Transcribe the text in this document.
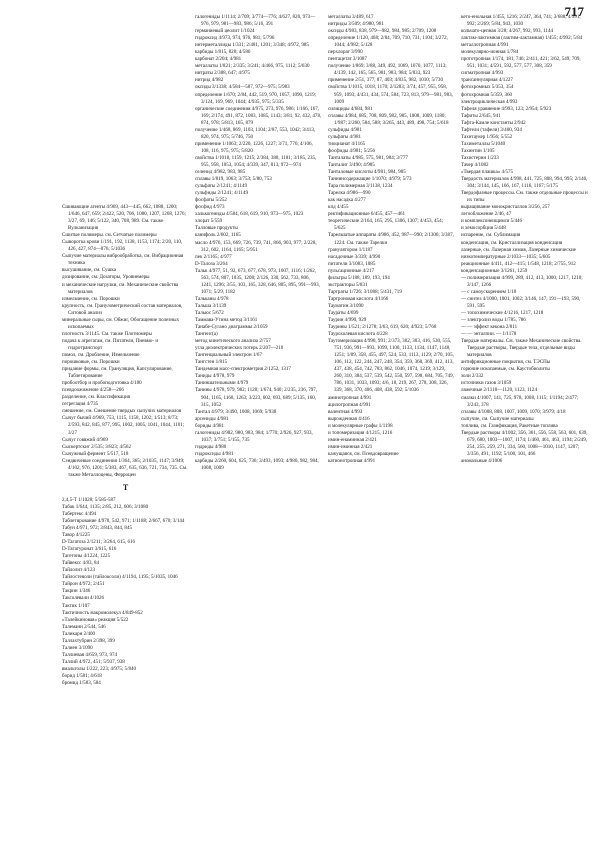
717

Сшивающие агенты 4/969, 443—445, 662, 1088, 1200; 1/646, 647, 659; 2/422, 520, 706, 1080, 1207, 1268, 1276; 3/27, 69, 146; 5/122, 340, 708, 989. См. также Вулканизация

Сшитые полимеры. см. Сетчатые полимеры

Сыворотка крови 1/191, 192, 1138, 1153, 1174; 2/20, 110, 426, 427, 874—876; 5/1036

Сыпучие материалы виброобработка, см. Вибрационная техника

высушивание, см. Сушка

дозирование, см. Дозаторы, Уровнемеры

и механические нагрузки, см. Механические свойства материалов

измельчение, см. Порошки

крупность, см. Гранулометрический состав материалов, Ситовой анализ

минеральные сыры, см. Обжиг, Обогащение полезных ископаемых

плотность 3/1145. См. также Плотномеры

подача к агрегатам, см. Питатели, Пневмо- и гидротранспорт

помол, см. Дробление, Измельчение

порошковые, см. Порошки

придание формы, см. Грануляция, Капсулирование, Таблетирование

пробоотбор и пробоподготовка 4/180

псевдоожижение 4/258—266

разделение, см. Классификация

сегрегация 4/735

смешение, см. Смешение твердых сыпучих материалов

Сычуг бычий 4/969, 753, 1115, 1158, 1202; 1/513; 8/73; 2/593, 842, 845, 877, 995, 1002, 1005, 1041, 1044, 1101; 3/27

Сычуг говяжий 4/969

Сыскертскит 2/535; 3/823; 4/562

Сычужный фермент 5/517, 518

Сэндвичевые соединения 1/364, 365; 2/1035, 1147; 3/949; 4/102, 976, 1201; 5/383, 467, 635, 636, 721, 734, 735. См. также Металлоцены, Ферроцен

Т

2,4,5-Т 1/1028; 5/585-587

Табак 1/644, 1135; 2/85, 212, 606; 3/1080

Табертекс 4/494

Таблетирование 4/970, 542, 971; 1/1188; 2/667, 670; 3/144

Табун 4/971, 972; 3/843, 844, 845

Тавор 4/1225

D-Тагатоза 2/1211; 3/264, 615, 616

D-Тагатуронат 3/615, 616

Тагетоны 4/1224, 1225

Тайвексс 4/83, 84

Тайлолит 4/123

Тайлостеяоли (тайлоксоли) 4/1194, 1195; 5/1035, 1046

Тайрон 4/972; 2/451

Такрин 1/346

Таксолевали 4/1026

Тактик 1/107

Тактичность макромолекул 4/849-852

«Талейкиновая» реакция 5/522

Талеманн 2/544, 546

Таликарн 2/400

Таллахтубрин 2/398, 399

Талиен 3/1090

Таллиевая 4/659, 973, 974

Таллий 4/972, 451; 5/937, 938

вмальтолы 1/222, 223; 4/975; 5/840

борид 1/581; 4/618

бромид 1/583, 584

галогениды 1/1114; 2/709; 3/774—776; 4/627, 820, 973—976, 979, 981—983, 986; 5/16, 391

германиевый цеолит 1/1024

гидроксид 4/973, 974, 976, 981; 5/796

интерметаллиды 1/331; 2/481, 1201; 3/348; 4/972, 985

карбиды 1/815, 820; 4/586

карбонат 2/204; 4/981

металлаты 1/821; 2/335; 3/241; 4/466, 975, 1112; 5/630

нитраты 2/388, 647; 4/975

нитрид 4/982

оксиды 3/1338; 4/584—587, 972—975; 5/983

определение 1/670; 2/84, 442, 519, 970, 1057, 1090, 1219; 3/124, 169, 969, 1044; 4/935, 975; 5/335

органические соединения 4/975, 273, 976, 986; 1/166, 167, 169; 2/174, 491, 872, 1083, 1085, 1143; 3/81, 92, 432, 478, 874, 978; 5/813, 165, 879

получение 1/468, 869, 1103, 1104; 2/87, 553, 1042; 3/413, 820, 974, 975; 5/746, 750

применение 1/1063; 2/220, 1226, 1227; 3/71, 776; 4/106, 108, 116, 975, 975; 5/820

свойства 1/1018, 1159, 1215; 2/384, 388, 1181; 3/185, 235, 955, 958, 1053, 1054; 4/339, 347, 813, 972—974

селенид 4/982, 983, 985

сплавы 1/819, 1063; 3/753; 5/80, 753

сульфаты 2/1241; 4/1149

сульфиды 2/1241; 4/1149

фосфаты 5/252

фосфид 4/973

халькогениды 4/584, 618, 619, 910, 973—975, 1023

хлорат 5/559

Талловые продукты

канифоль 2/602, 1165

масло 4/976, 153, 669, 726, 739, 741, 866, 903, 977; 2/228, 312, 602, 1164, 1165; 5/951

пек 2/1165; 4/977

D-Талоза 3/264

Тальк 4/977, 51, 92, 673, 677, 678, 973, 1007, 1116; 1/262, 563, 574, 807, 1035, 1208; 2/126, 330, 562, 733, 806, 1241, 1296; 3/55, 103, 165, 328, 646, 805, 895, 991—993, 1071; 5/29, 1182

Тальканы 4/978

Тальша 3/1139

Тальюс 5/672

Таммава-Утина метод 3/1161

Танабе-Сугано диаграммы 2/1059

Тангенс(а)

метод кинетического анализа 2/757

угла диэлектрических потерь 2/207—210

Тангенциальный электрон 1/67

Тангстен 1/815

Тандемная масс-спектрометрия 2/1252, 1317

Таниды 4/978, 979

Таниншательными 4/979

Танины 4/978, 979, 982; 1128; 1/674, 940; 2/235, 236, 797, 904, 1165, 1168, 1263; 3/223, 602, 693, 689; 5/135, 160, 315, 1052

Тантал 4/979; 3/490, 1008, 1069; 5/938

арсениды 4/981

бориды 4/981

галогениды 4/982, 980, 983, 984; 1/770; 2/926, 927, 933, 1037; 3/751; 5/155, 735

гидриды 4/980

гидроксиды 4/981

карбиды 2/260, 604, 625, 736; 3/493, 1093; 4/980, 982, 984, 1008, 1009

металлаты 3/489, 617

нитриды 3/509; 4/980, 981

оксиды 4/983, 838, 979—982, 984, 985; 2/709, 1208

определение 1/120, 468; 2/84, 709, 710, 731, 1104; 3/272, 1044; 4/982; 5/128

перхлорат 3/990

пентацетат 3/1087

получение 1/869; 3/88, 349, 492, 1069, 1070, 1077, 1113; 4/139, 142, 165, 565, 981, 983, 984; 5/833, 923

применение 2/51, 377, 87, 403; 4/835, 982, 1010; 5/730

свойства 1/1015, 1018, 1170; 2/1283; 3/74, 457, 955, 958, 959, 1093; 4/431, 434, 574, 584, 723, 813, 979—981, 983, 1009

силициды 4/684, 981

сплавы 4/984, 685, 708, 809, 982, 985, 1008, 1009, 1180; 1/987; 2/260, 584, 588; 3/265, 443, 489, 498, 754; 5/618

сульфиды 4/981

сульфаты 4/981

тиоцианат 4/1165

фосфиды 4/981; 5/256

Танталаты 4/985, 575, 981, 984; 3/777

Танталит 3/490; 4/985

Танталовые кислоты 4/981, 984, 985

Таннинсодержащие 1/1070; 4/979; 5/73

Тара полимерная 3/1138, 1234

Тарелка 4/986—990

как насадка 4/277

кпд 4/455

ректификационные 6/455, 457—461

теоретические 2/164, 165, 295, 1306, 1307; 4/453, 454; 5/625

Тарельчатые аппараты 4/986, 452, 987—990; 2/1306; 3/387, 1224. См. также Тарелки

гранулятором 1/1187

насадочные 3/339; 4/990

питатели 3/1083, 1085

пульсационные 4/217

фильтры 5/188, 189, 193, 194

экстракторы 5/831

Тартраты 1/726; 3/1088; 5/431, 719

Тартроновая кислота 4/1166

Тауматин 3/1090

Таураты 4/699

Таурин 4/990, 929

Таурины 1/521; 2/1278; 3/63, 619, 620; 4/923; 5/768

Таурохолевая кислота 4/228

Таутомеризация 4/990, 991; 2/373, 302, 303, 416, 530, 555, 751, 936, 991—993, 1099, 1100, 1133, 1134, 1147, 1148, 1251; 1/89, 358, 455, 497, 524, 533, 1113, 1129; 2/70, 105, 106, 112, 122, 244, 247, 248, 354, 359, 368, 369, 412, 413, 437, 438, 454, 742, 783, 862, 1046, 1074, 1219; 3/129, 260, 310, 384, 537, 539, 542, 550, 597, 598, 684, 705, 749, 786, 1031, 1033, 1093; 4/6, 18, 219, 267, 278, 308, 326, 339, 368, 370, 406, 408, 438, 592; 5/1036

аминотропная 4/991

ацилотропная 4/991

валентная 4/993

вырожденная 4/416

и молекулярные графы 1/1198

и топомеризация 4/1215, 1216

имин-енаминная 2/421

имин-иминная 2/421

кажущаяся, см. Псевдовращение

катионотропная 4/991

кето-енольная 1/455, 1216; 2/247, 364, 741; 3/688; 4/991, 992; 2/269; 5/84, 943, 1030

кольчато-цепная 3/28; 4/267, 992, 993, 1144

лактам-лактимная (лактим-лактамная) 1/455; 4/992; 5/84

металлотропная 4/991

молекулярно-ионная 1/784

прототропная 1/174, 181, 746; 2/411, 421; 3/62, 549, 709, 951, 1031; 4/591, 592, 577, 577, 308, 359

сигматропная 4/993

трансаннулярная 4/1227

фотохромных 5/353, 354

фотохромная 5/359, 360

электроциклическая 4/993

Тафеля уравнение 4/993, 123; 2/954; 5/923

Тафиты 2/645, 941

Тафта-Камле константы 2/942

Тафтели (тафели) 3/400, 934

Тахитаукер 1/956; 5/552

Тахиметаллы 5/1040

Тахинтин 1/105

Тахистерин 1/233

Тачер 4/1082

«Твердая плашка» 4/575

Твердость материалов 4/998, 441, 725, 808, 994, 995; 2/146, 304; 3/144, 145, 166, 167, 1116, 1167; 5/175

Твердофазные процессы. См. также отдельные процессы и их типы

выращивание монокристаллов 3/256, 257

легообложение 2/46, 47

и комплексонеищимся 5/446

и хемосорбция 5/448

испарение, см. Сублимация

конденсация, см. Кристаллизация конденсация

лазерные, см. Лазерная химия, Лазерные химические

низкотемпературные 2/1033—1035; 5/605

реакционные 4/411, 412—415; 1/548, 1218; 2/755, 912

конденсационные 3/1261, 1259

— полимеризация 4/999, 289, 412, 413, 1000, 1217, 1218; 3/147, 1266

— с самоускорением 1/18

— синтез 4/1000, 1001, 1002; 3/146, 147, 191—193, 590, 591, 595

— топохимические 4/1216, 1217, 1218

— электролиз воды 1/785, 786

— — эффект кекона 2/811

— — энталпии. — 1/1178

Твердые материалы. См. также Механические свойства. Твердые растворы, Твердые тела, отдельные виды материалов

антифрикционные покрытия, см. ТЭСПы

горючие ископаемые, см. Каустобиолиты

золи 2/332

источники газов 3/1059

ляжечные 2/1118—1120, 1123, 1124

смазки 4/1007, 141, 725, 978, 1008, 1115; 1/1194; 2/477; 3/243, 378

сплавы 4/1008, 808, 1007, 1009, 1070; 3/979; 4/18

сыпучие, см. Сыпучие материалы

топлива, см. Газификация, Ракетные топлива

Твердые растворы 4/1002, 356, 361, 556, 558, 563, 601, 639, 679, 680, 1003—1007, 1174; 1/460, 461, 463, 1194; 2/249, 254, 255, 259, 271, 334, 560, 1008—1010, 1147, 1207; 3/356, 491, 1192; 5/100, 101, 466

аномальные 4/1006
